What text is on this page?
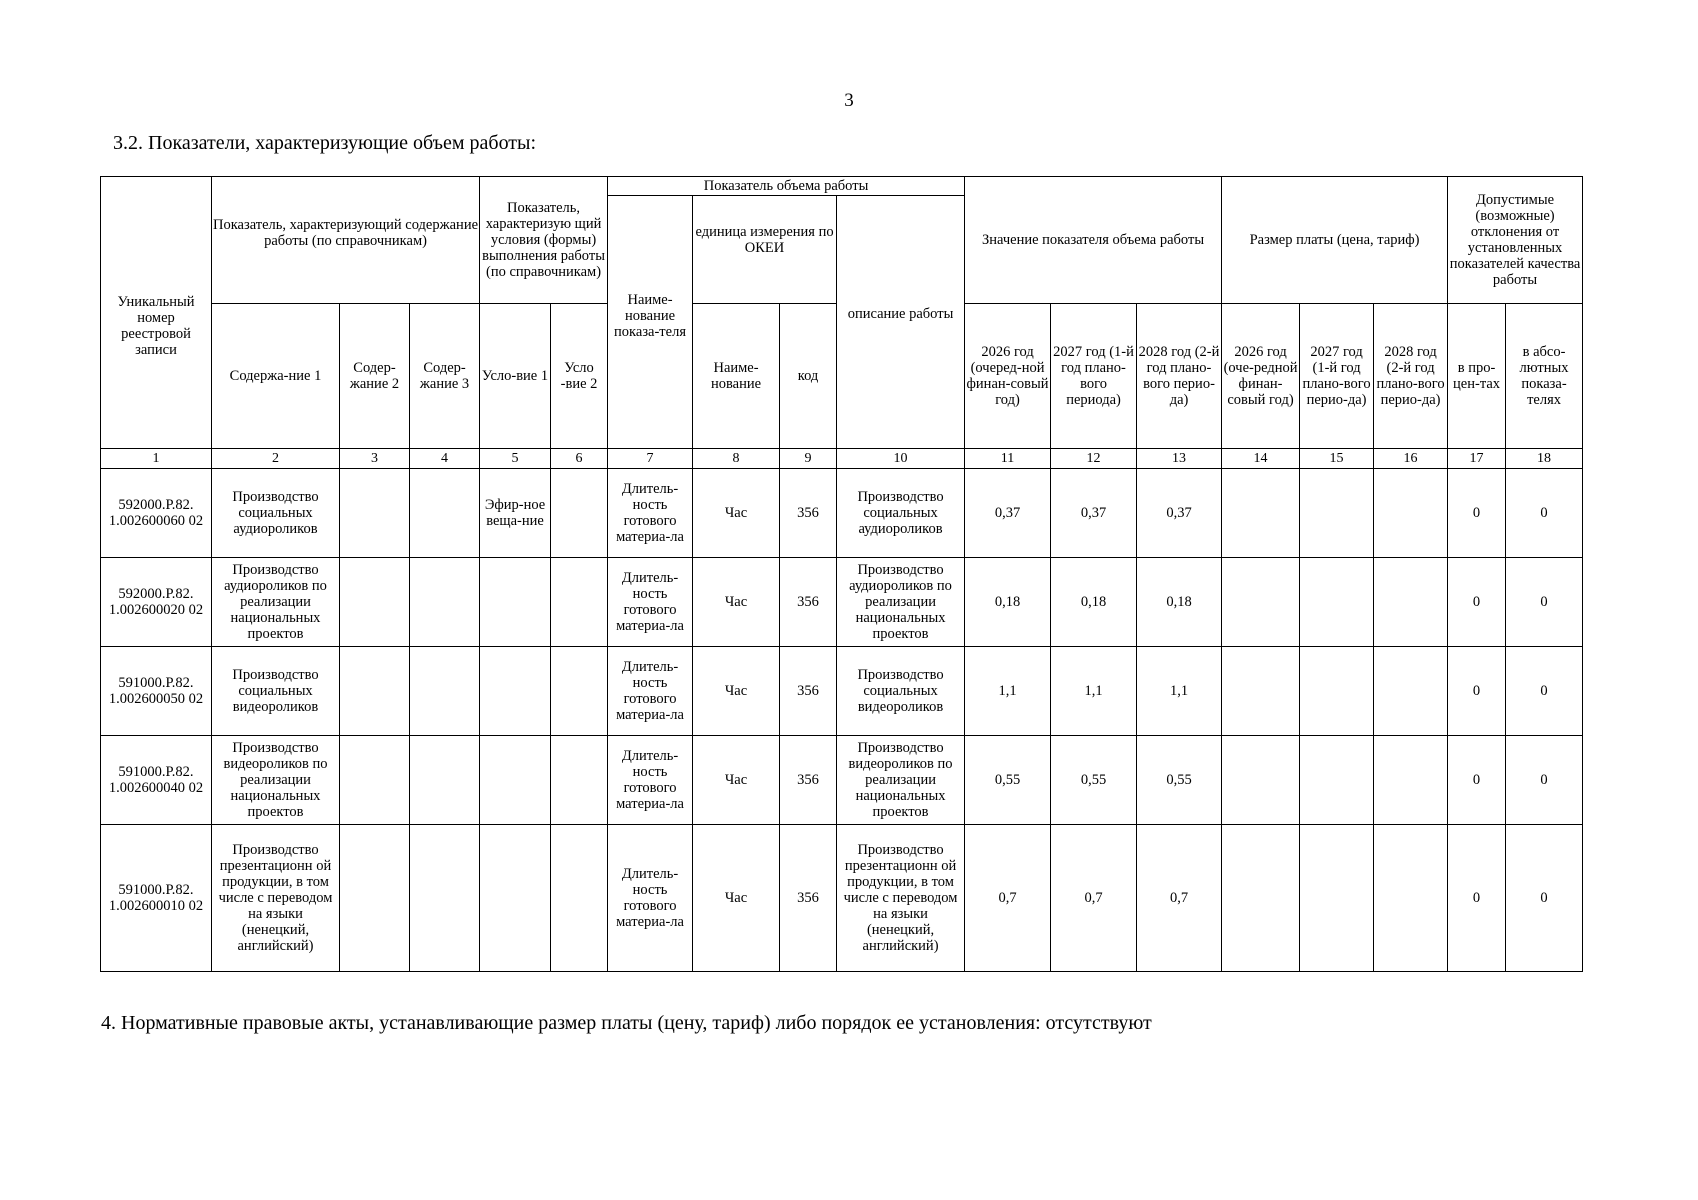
3
3.2. Показатели, характеризующие объем работы:
Уникальный номер реестровой записи	Показатель, характеризующий содержание работы (по справочникам)			Показатель, характеризую щий условия (формы) выполнения работы (по справочникам)		Показатель объема работы				Значение показателя объема работы			Размер платы (цена, тариф)			Допустимые (возможные) отклонения от установленных показателей качества работы	
						Наиме-нование показа-теля	единица измерения по ОКЕИ		описание работы								
	Содержа-ние 1	Содер-жание 2	Содер-жание 3	Усло-вие 1	Усло -вие 2		Наиме-нование	код		2026 год (очеред-ной финан-совый год)	2027 год (1-й год плано-вого периода)	2028 год (2-й год плано-вого перио-да)	2026 год (оче-редной финан-совый год)	2027 год (1-й год плано-вого перио-да)	2028 год (2-й год плано-вого перио-да)	в про-цен-тах	в абсо-лютных показа-телях
1	2	3	4	5	6	7	8	9	10	11	12	13	14	15	16	17	18
592000.Р.82. 1.002600060 02	Производство социальных аудиороликов			Эфир-ное веща-ние		Длитель-ность готового материа-ла	Час	356	Производство социальных аудиороликов	0,37	0,37	0,37				0	0
592000.Р.82. 1.002600020 02	Производство аудиороликов по реализации национальных проектов					Длитель-ность готового материа-ла	Час	356	Производство аудиороликов по реализации национальных проектов	0,18	0,18	0,18				0	0
591000.Р.82. 1.002600050 02	Производство социальных видеороликов					Длитель-ность готового материа-ла	Час	356	Производство социальных видеороликов	1,1	1,1	1,1				0	0
591000.Р.82. 1.002600040 02	Производство видеороликов по реализации национальных проектов					Длитель-ность готового материа-ла	Час	356	Производство видеороликов по реализации национальных проектов	0,55	0,55	0,55				0	0
591000.Р.82. 1.002600010 02	Производство презентационн ой продукции, в том числе с переводом на языки (ненецкий, английский)					Длитель-ность готового материа-ла	Час	356	Производство презентационн ой продукции, в том числе с переводом на языки (ненецкий, английский)	0,7	0,7	0,7				0	0
4. Нормативные правовые акты, устанавливающие размер платы (цену, тариф) либо порядок ее установления: отсутствуют
